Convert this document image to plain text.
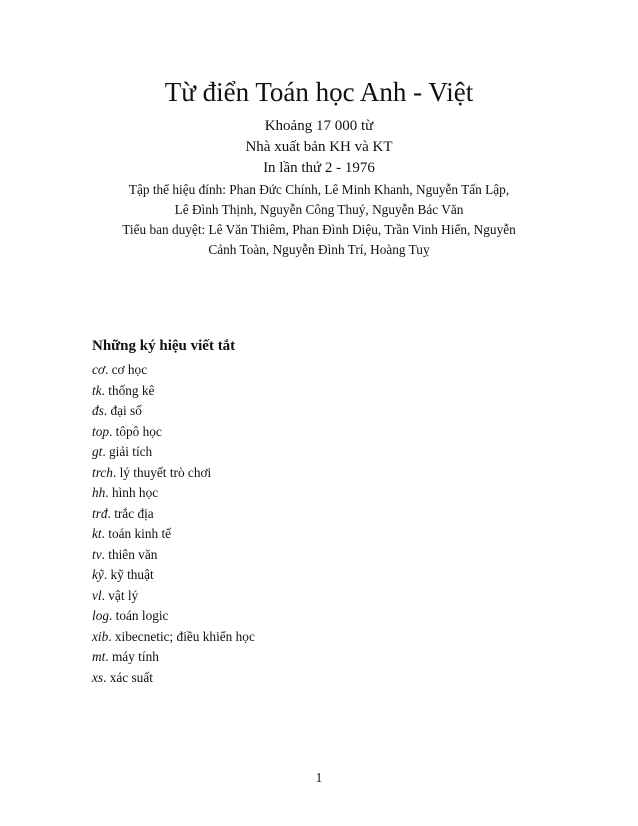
Từ điển Toán học Anh - Việt
Khoảng 17 000 từ
Nhà xuất bản KH và KT
In lần thứ 2 - 1976
Tập thể hiệu đính: Phan Đức Chính, Lê Minh Khanh, Nguyễn Tấn Lập,
Lê Đình Thịnh, Nguyễn Công Thuý, Nguyễn Bác Văn
Tiểu ban duyệt: Lê Văn Thiêm, Phan Đình Diệu, Trần Vinh Hiển, Nguyễn
Cảnh Toàn, Nguyễn Đình Trí, Hoàng Tuỵ
Những ký hiệu viết tắt
cơ. cơ học
tk. thống kê
đs. đại số
top. tôpô học
gt. giải tích
trch. lý thuyết trò chơi
hh. hình học
trđ. trắc địa
kt. toán kinh tế
tv. thiên văn
kỹ. kỹ thuật
vl. vật lý
log. toán logic
xib. xibecnetic; điều khiển học
mt. máy tính
xs. xác suất
1
